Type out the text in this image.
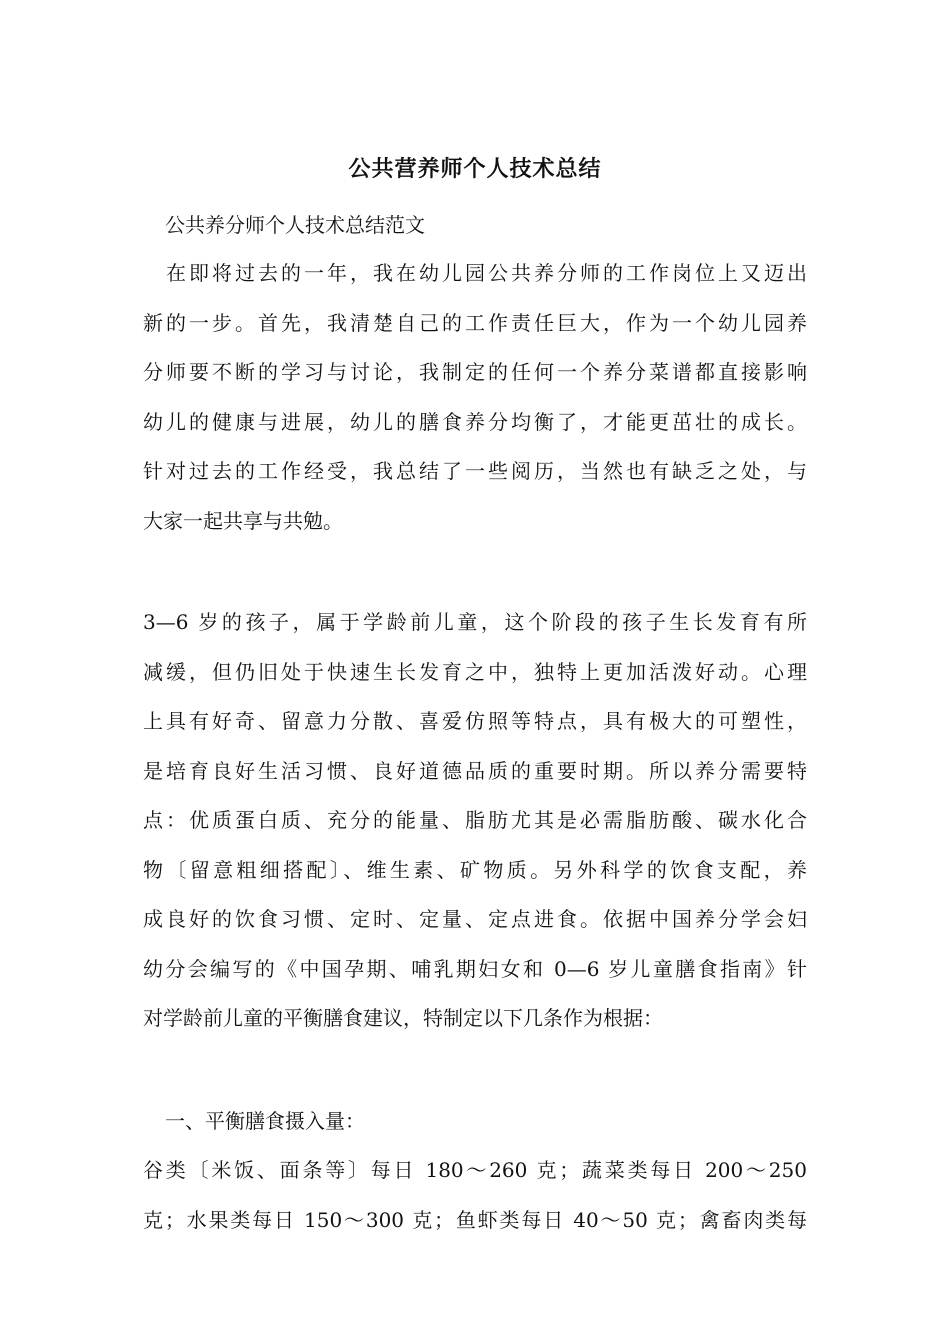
公共营养师个人技术总结
公共养分师个人技术总结范文
　在即将过去的一年，我在幼儿园公共养分师的工作岗位上又迈出
新的一步。首先，我清楚自己的工作责任巨大，作为一个幼儿园养
分师要不断的学习与讨论，我制定的任何一个养分菜谱都直接影响
幼儿的健康与进展，幼儿的膳食养分均衡了，才能更茁壮的成长。
针对过去的工作经受，我总结了一些阅历，当然也有缺乏之处，与
大家一起共享与共勉。
3—6 岁的孩子，属于学龄前儿童，这个阶段的孩子生长发育有所
减缓，但仍旧处于快速生长发育之中，独特上更加活泼好动。心理
上具有好奇、留意力分散、喜爱仿照等特点，具有极大的可塑性，
是培育良好生活习惯、良好道德品质的重要时期。所以养分需要特
点：优质蛋白质、充分的能量、脂肪尤其是必需脂肪酸、碳水化合
物〔留意粗细搭配〕、维生素、矿物质。另外科学的饮食支配，养
成良好的饮食习惯、定时、定量、定点进食。依据中国养分学会妇
幼分会编写的《中国孕期、哺乳期妇女和 0—6 岁儿童膳食指南》针
对学龄前儿童的平衡膳食建议，特制定以下几条作为根据：
一、平衡膳食摄入量：
谷类〔米饭、面条等〕每日 180～260 克；蔬菜类每日 200～250
克；水果类每日 150～300 克；鱼虾类每日 40～50 克；禽畜肉类每
